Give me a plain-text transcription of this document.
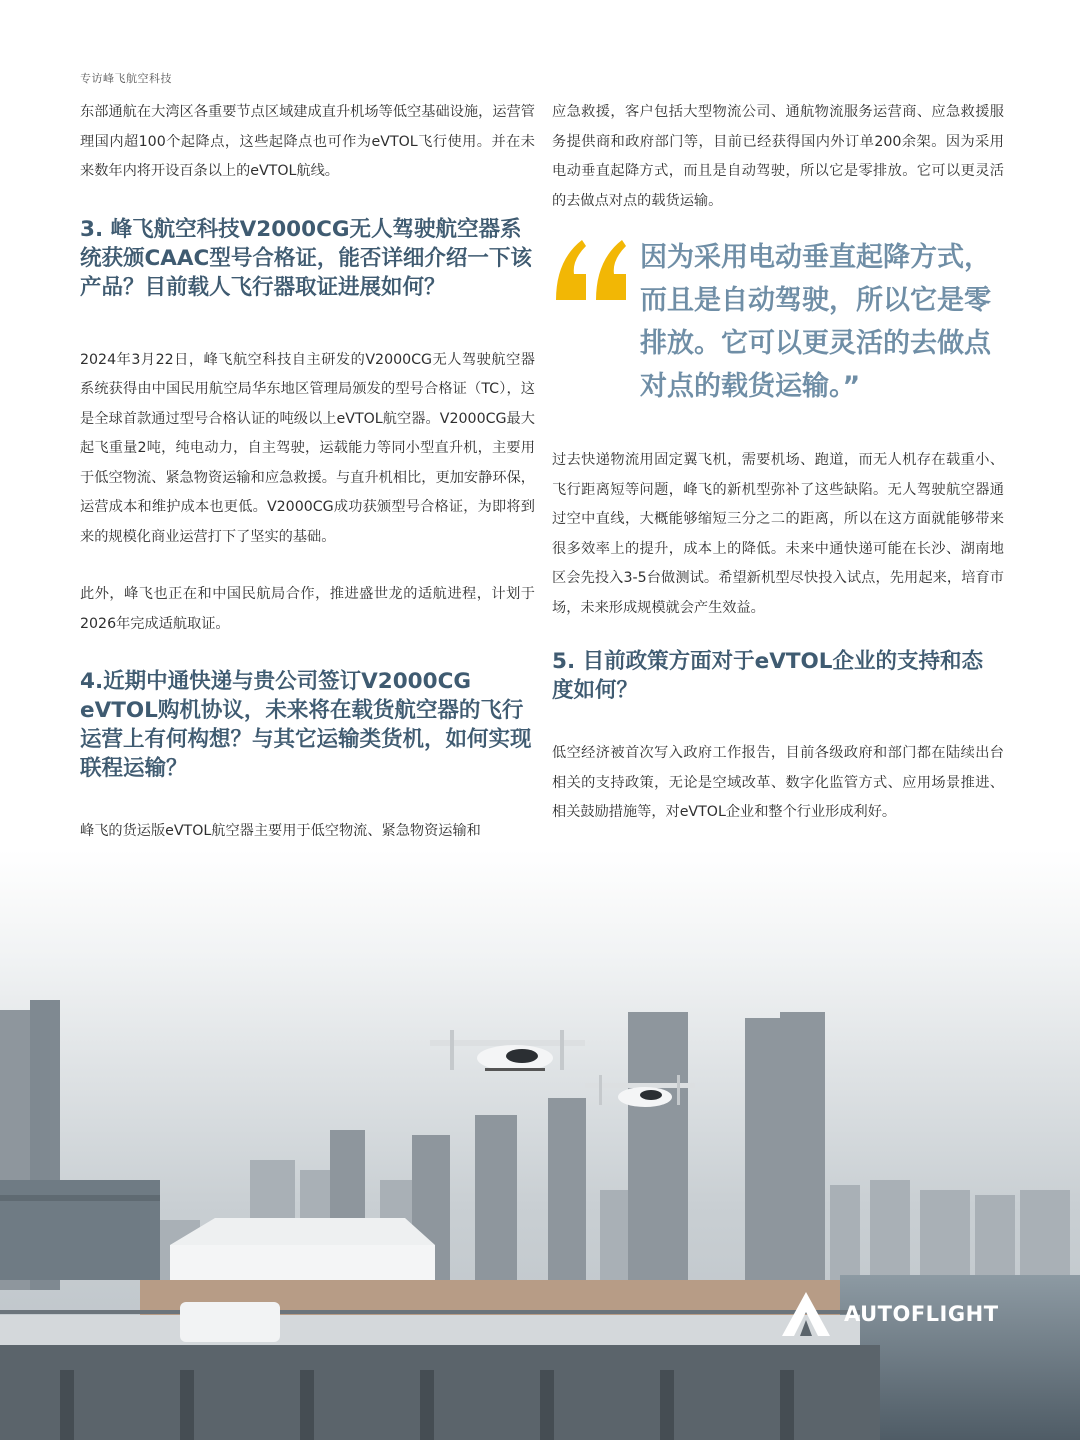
专访峰飞航空科技

东部通航在大湾区各重要节点区域建成直升机场等低空基础设施，运营管理国内超100个起降点，这些起降点也可作为eVTOL飞行使用。并在未来数年内将开设百条以上的eVTOL航线。

3. 峰飞航空科技V2000CG无人驾驶航空器系统获颁CAAC型号合格证，能否详细介绍一下该产品？目前载人飞行器取证进展如何？

2024年3月22日，峰飞航空科技自主研发的V2000CG无人驾驶航空器系统获得由中国民用航空局华东地区管理局颁发的型号合格证（TC），这是全球首款通过型号合格认证的吨级以上eVTOL航空器。V2000CG最大起飞重量2吨，纯电动力，自主驾驶，运载能力等同小型直升机，主要用于低空物流、紧急物资运输和应急救援。与直升机相比，更加安静环保，运营成本和维护成本也更低。V2000CG成功获颁型号合格证，为即将到来的规模化商业运营打下了坚实的基础。

此外，峰飞也正在和中国民航局合作，推进盛世龙的适航进程，计划于2026年完成适航取证。

4.近期中通快递与贵公司签订V2000CG eVTOL购机协议，未来将在载货航空器的飞行运营上有何构想？与其它运输类货机，如何实现联程运输？

峰飞的货运版eVTOL航空器主要用于低空物流、紧急物资运输和

应急救援，客户包括大型物流公司、通航物流服务运营商、应急救援服务提供商和政府部门等，目前已经获得国内外订单200余架。因为采用电动垂直起降方式，而且是自动驾驶，所以它是零排放。它可以更灵活的去做点对点的载货运输。

因为采用电动垂直起降方式，而且是自动驾驶，所以它是零排放。它可以更灵活的去做点对点的载货运输。”

过去快递物流用固定翼飞机，需要机场、跑道，而无人机存在载重小、飞行距离短等问题，峰飞的新机型弥补了这些缺陷。无人驾驶航空器通过空中直线，大概能够缩短三分之二的距离，所以在这方面就能够带来很多效率上的提升，成本上的降低。未来中通快递可能在长沙、湖南地区会先投入3-5台做测试。希望新机型尽快投入试点，先用起来，培育市场，未来形成规模就会产生效益。

5. 目前政策方面对于eVTOL企业的支持和态度如何？

低空经济被首次写入政府工作报告，目前各级政府和部门都在陆续出台相关的支持政策，无论是空域改革、数字化监管方式、应用场景推进、相关鼓励措施等，对eVTOL企业和整个行业形成利好。

AUTOFLIGHT
